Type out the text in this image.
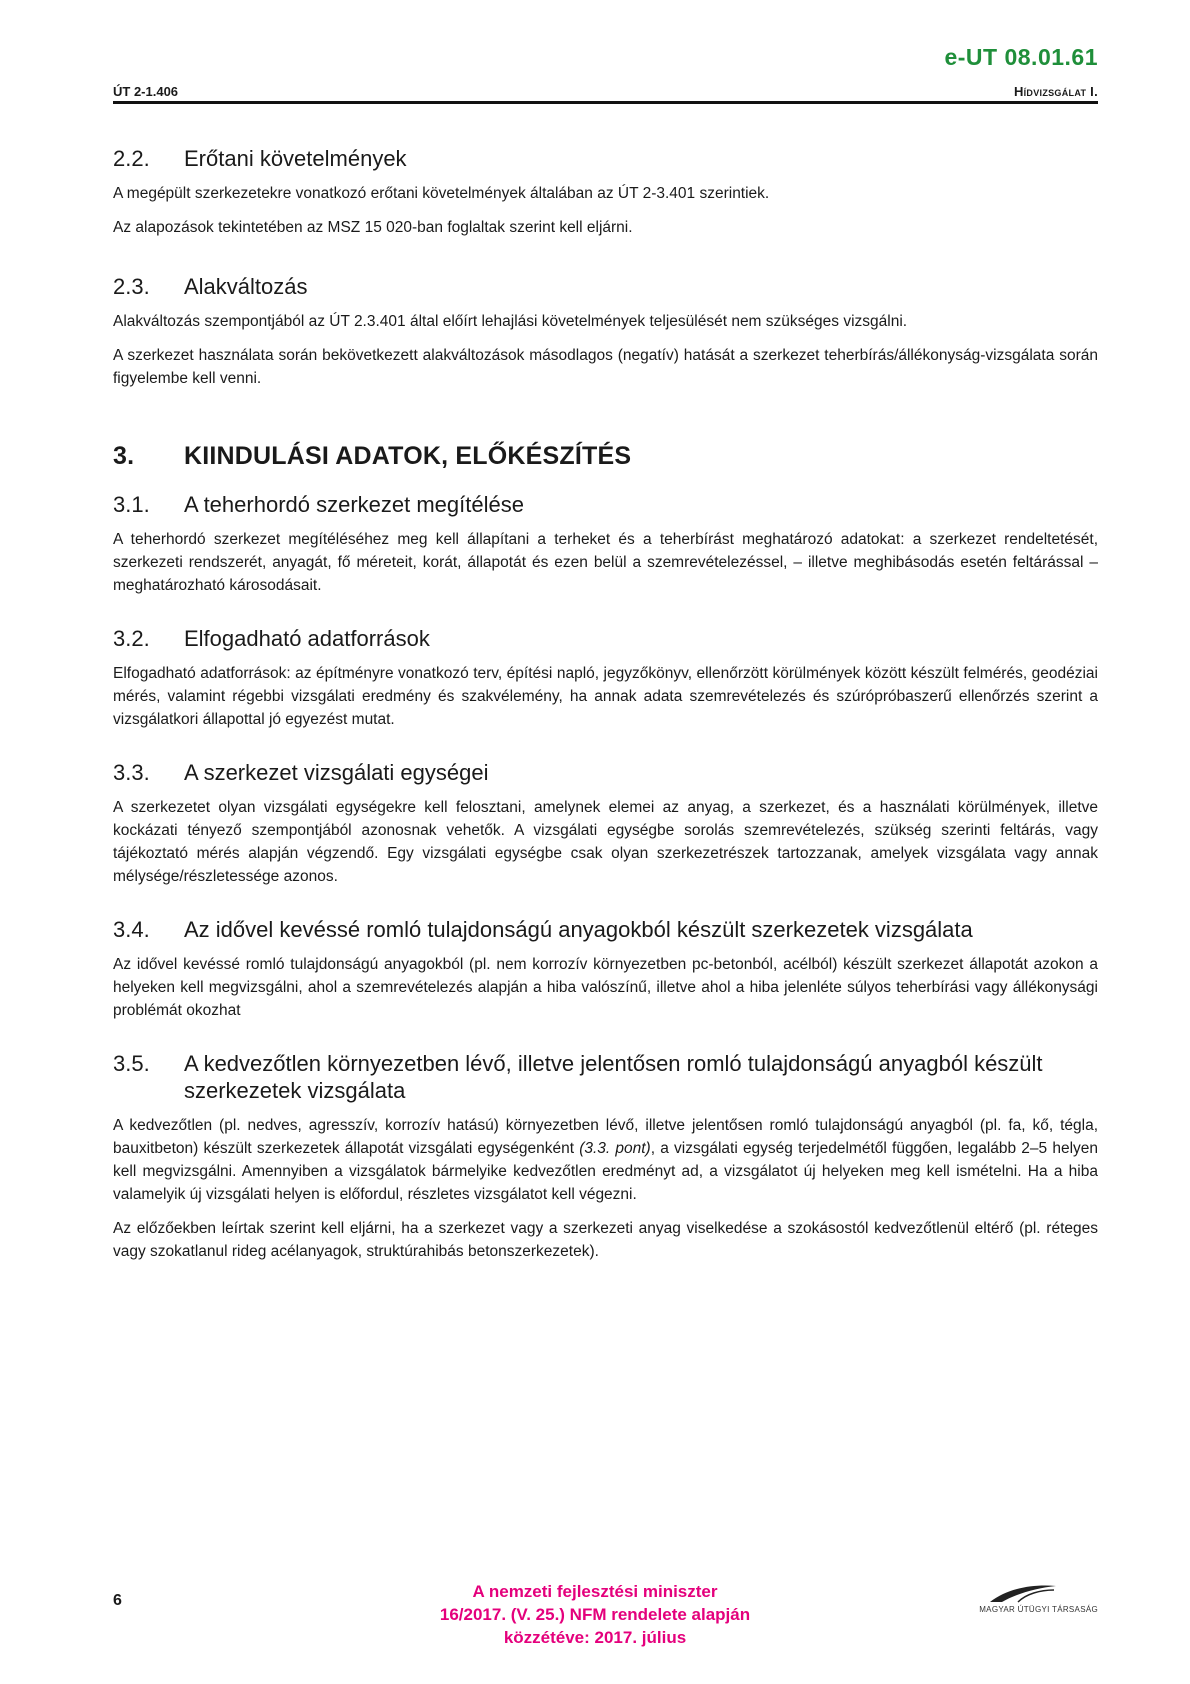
e-UT 08.01.61
ÚT 2-1.406	Hídvizsgálat I.
2.2.	Erőtani követelmények

A megépült szerkezetekre vonatkozó erőtani követelmények általában az ÚT 2-3.401 szerintiek.

Az alapozások tekintetében az MSZ 15 020-ban foglaltak szerint kell eljárni.

2.3.	Alakváltozás

Alakváltozás szempontjából az ÚT 2.3.401 által előírt lehajlási követelmények teljesülését nem szükséges vizsgálni.

A szerkezet használata során bekövetkezett alakváltozások másodlagos (negatív) hatását a szerkezet teherbírás/állékonyság-vizsgálata során figyelembe kell venni.

3.	KIINDULÁSI ADATOK, ELŐKÉSZÍTÉS
3.1.	A teherhordó szerkezet megítélése

A teherhordó szerkezet megítéléséhez meg kell állapítani a terheket és a teherbírást meghatározó adatokat: a szerkezet rendeltetését, szerkezeti rendszerét, anyagát, fő méreteit, korát, állapotát és ezen belül a szemrevételezéssel, – illetve meghibásodás esetén feltárással – meghatározható károsodásait.

3.2.	Elfogadható adatforrások

Elfogadható adatforrások: az építményre vonatkozó terv, építési napló, jegyzőkönyv, ellenőrzött körülmények között készült felmérés, geodéziai mérés, valamint régebbi vizsgálati eredmény és szakvélemény, ha annak adata szemrevételezés és szúrópróbaszerű ellenőrzés szerint a vizsgálatkori állapottal jó egyezést mutat.

3.3.	A szerkezet vizsgálati egységei

A szerkezetet olyan vizsgálati egységekre kell felosztani, amelynek elemei az anyag, a szerkezet, és a használati körülmények, illetve kockázati tényező szempontjából azonosnak vehetők. A vizsgálati egységbe sorolás szemrevételezés, szükség szerinti feltárás, vagy tájékoztató mérés alapján végzendő. Egy vizsgálati egységbe csak olyan szerkezetrészek tartozzanak, amelyek vizsgálata vagy annak mélysége/részletessége azonos.

3.4.	Az idővel kevéssé romló tulajdonságú anyagokból készült szerkezetek vizsgálata

Az idővel kevéssé romló tulajdonságú anyagokból (pl. nem korrozív környezetben pc-betonból, acélból) készült szerkezet állapotát azokon a helyeken kell megvizsgálni, ahol a szemrevételezés alapján a hiba valószínű, illetve ahol a hiba jelenléte súlyos teherbírási vagy állékonysági problémát okozhat

3.5.	A kedvezőtlen környezetben lévő, illetve jelentősen romló tulajdonságú anyagból készült szerkezetek vizsgálata

A kedvezőtlen (pl. nedves, agresszív, korrozív hatású) környezetben lévő, illetve jelentősen romló tulajdonságú anyagból (pl. fa, kő, tégla, bauxitbeton) készült szerkezetek állapotát vizsgálati egységenként (3.3. pont), a vizsgálati egység terjedelmétől függően, legalább 2–5 helyen kell megvizsgálni. Amennyiben a vizsgálatok bármelyike kedvezőtlen eredményt ad, a vizsgálatot új helyeken meg kell ismételni. Ha a hiba valamelyik új vizsgálati helyen is előfordul, részletes vizsgálatot kell végezni.

Az előzőekben leírtak szerint kell eljárni, ha a szerkezet vagy a szerkezeti anyag viselkedése a szokásostól kedvezőtlenül eltérő (pl. réteges vagy szokatlanul rideg acélanyagok, struktúrahibás betonszerkezetek).

6	A nemzeti fejlesztési miniszter
16/2017. (V. 25.) NFM rendelete alapján
közzétéve: 2017. július
MAGYAR ÚTÜGYI TÁRSASÁG
